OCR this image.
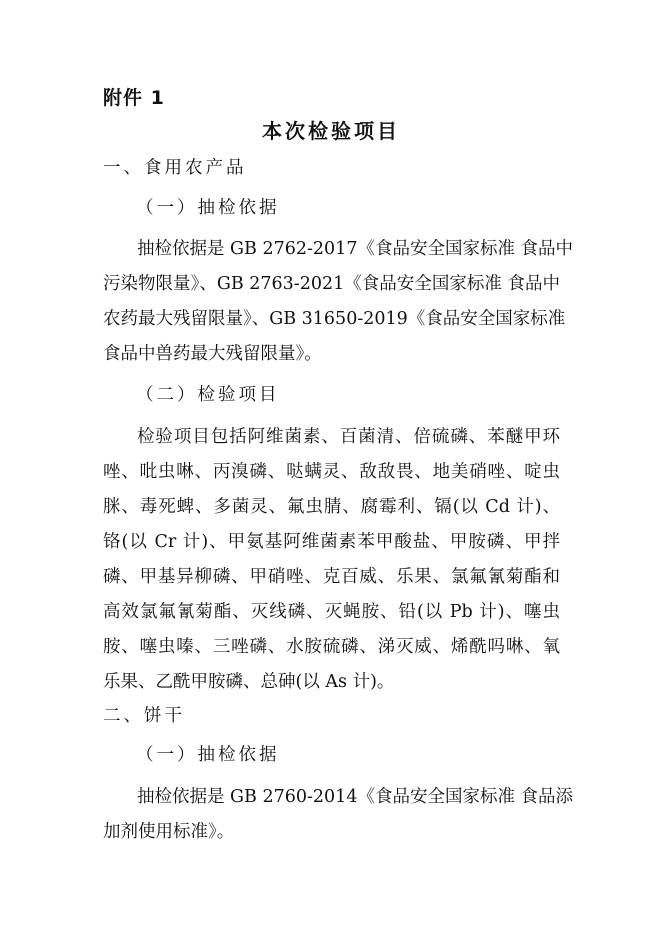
附件 1
本次检验项目
一、食用农产品
（一）抽检依据
抽检依据是 GB 2762-2017《食品安全国家标准 食品中
污染物限量》、GB 2763-2021《食品安全国家标准 食品中
农药最大残留限量》、GB 31650-2019《食品安全国家标准
食品中兽药最大残留限量》。
（二）检验项目
检验项目包括阿维菌素、百菌清、倍硫磷、苯醚甲环
唑、吡虫啉、丙溴磷、哒螨灵、敌敌畏、地美硝唑、啶虫
脒、毒死蜱、多菌灵、氟虫腈、腐霉利、镉(以 Cd 计)、
铬(以 Cr 计)、甲氨基阿维菌素苯甲酸盐、甲胺磷、甲拌
磷、甲基异柳磷、甲硝唑、克百威、乐果、氯氟氰菊酯和
高效氯氟氰菊酯、灭线磷、灭蝇胺、铅(以 Pb 计)、噻虫
胺、噻虫嗪、三唑磷、水胺硫磷、涕灭威、烯酰吗啉、氧
乐果、乙酰甲胺磷、总砷(以 As 计)。
二、饼干
（一）抽检依据
抽检依据是 GB 2760-2014《食品安全国家标准 食品添
加剂使用标准》。
